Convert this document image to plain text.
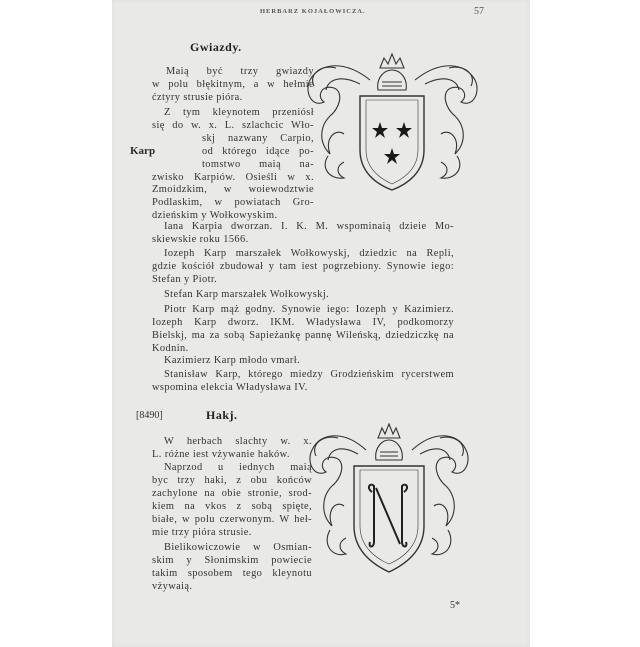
HERBARZ KOJAŁOWICZA.	57
Gwiazdy.
Maią być trzy gwiazdy
w polu błękitnym, a w hełmie
ćztyry strusie pióra.
Z tym kleynotem przeniósł
się do w. x. L. szlachcic Wło-
skj nazwany Carpio,
od którego idące po-
tomstwo maią na-
zwisko Karpiów. Osieśli w x.
Zmoidzkim, w woiewodztwie
Podlaskim, w powiatach Gro-
dzieńskim y Wołkowyskim.
Karp
Iana Karpia dworzan. I. K. M. wspominaią dzieie Mo-
skiewskie roku 1566.
Iozeph Karp marszałek Wołkowyskj, dziedzic na Repli,
gdzie kościół zbudował y tam iest pogrzebiony. Synowie iego:
Stefan y Piotr.
Stefan Karp marszałek Wołkowyskj.
Piotr Karp mąż godny. Synowie iego: Iozeph y Kazimierz.
Iozeph Karp dworz. IKM. Władysława IV, podkomorzy
Bielskj, ma za sobą Sapieżankę pannę Wileńską, dziedziczkę na
Kodnin.
Kazimierz Karp młodo vmarł.
Stanisław Karp, którego miedzy Grodzieńskim rycerstwem
wspomina elekcia Władysława IV.
[8490]	Hakj.
W herbach slachty w. x.
L. różne iest vżywanie haków.
Naprzod u iednych maią
byc trzy haki, z obu końców
zachylone na obie stronie, srod-
kiem na vkos z sobą spięte,
białe, w polu czerwonym. W heł-
mie trzy pióra strusie.
Bielikowiczowie w Osmian-
skim y Słonimskim powiecie
takim sposobem tego kleynotu
vżywaią.
5*
